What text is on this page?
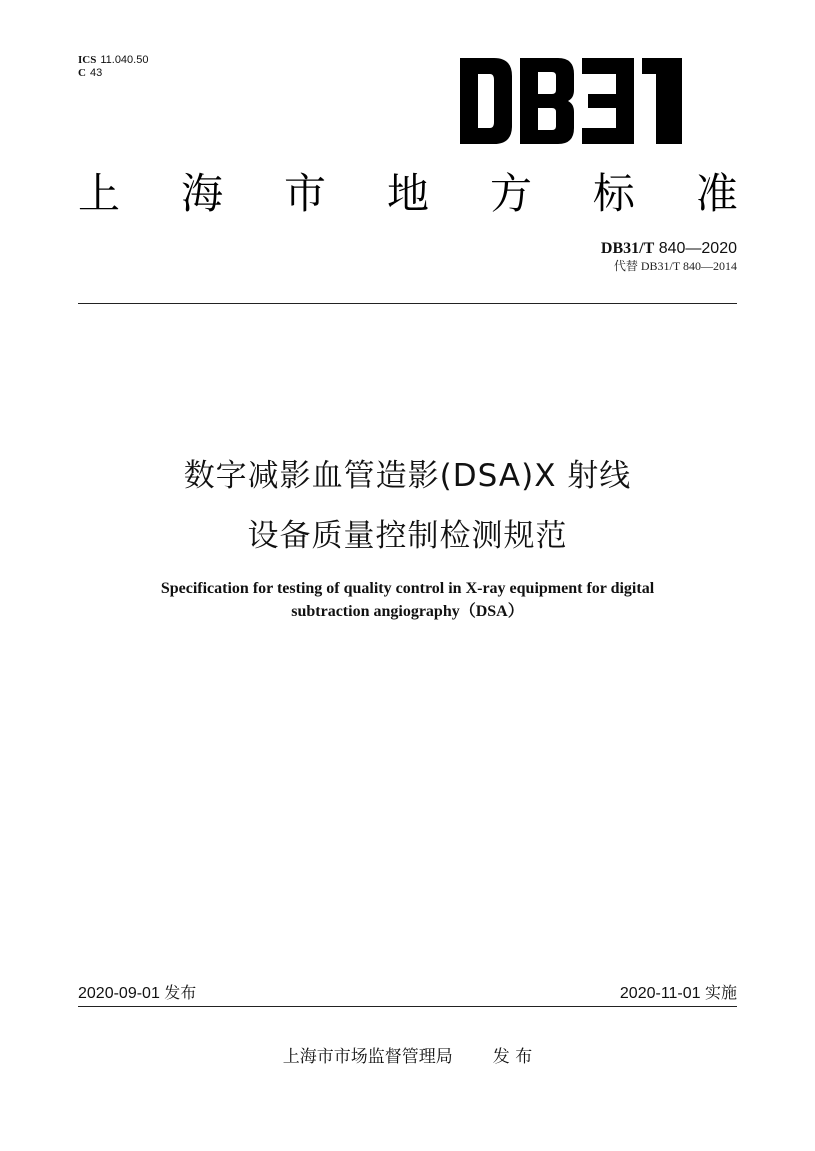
ICS 11.040.50
C 43
上 海 市 地 方 标 准
DB31/T 840—2020
代替 DB31/T 840—2014
数字减影血管造影(DSA)X 射线
设备质量控制检测规范
Specification for testing of quality control in X-ray equipment for digital
subtraction angiography（DSA）
2020-09-01 发布	2020-11-01 实施
上海市市场监督管理局 发 布
